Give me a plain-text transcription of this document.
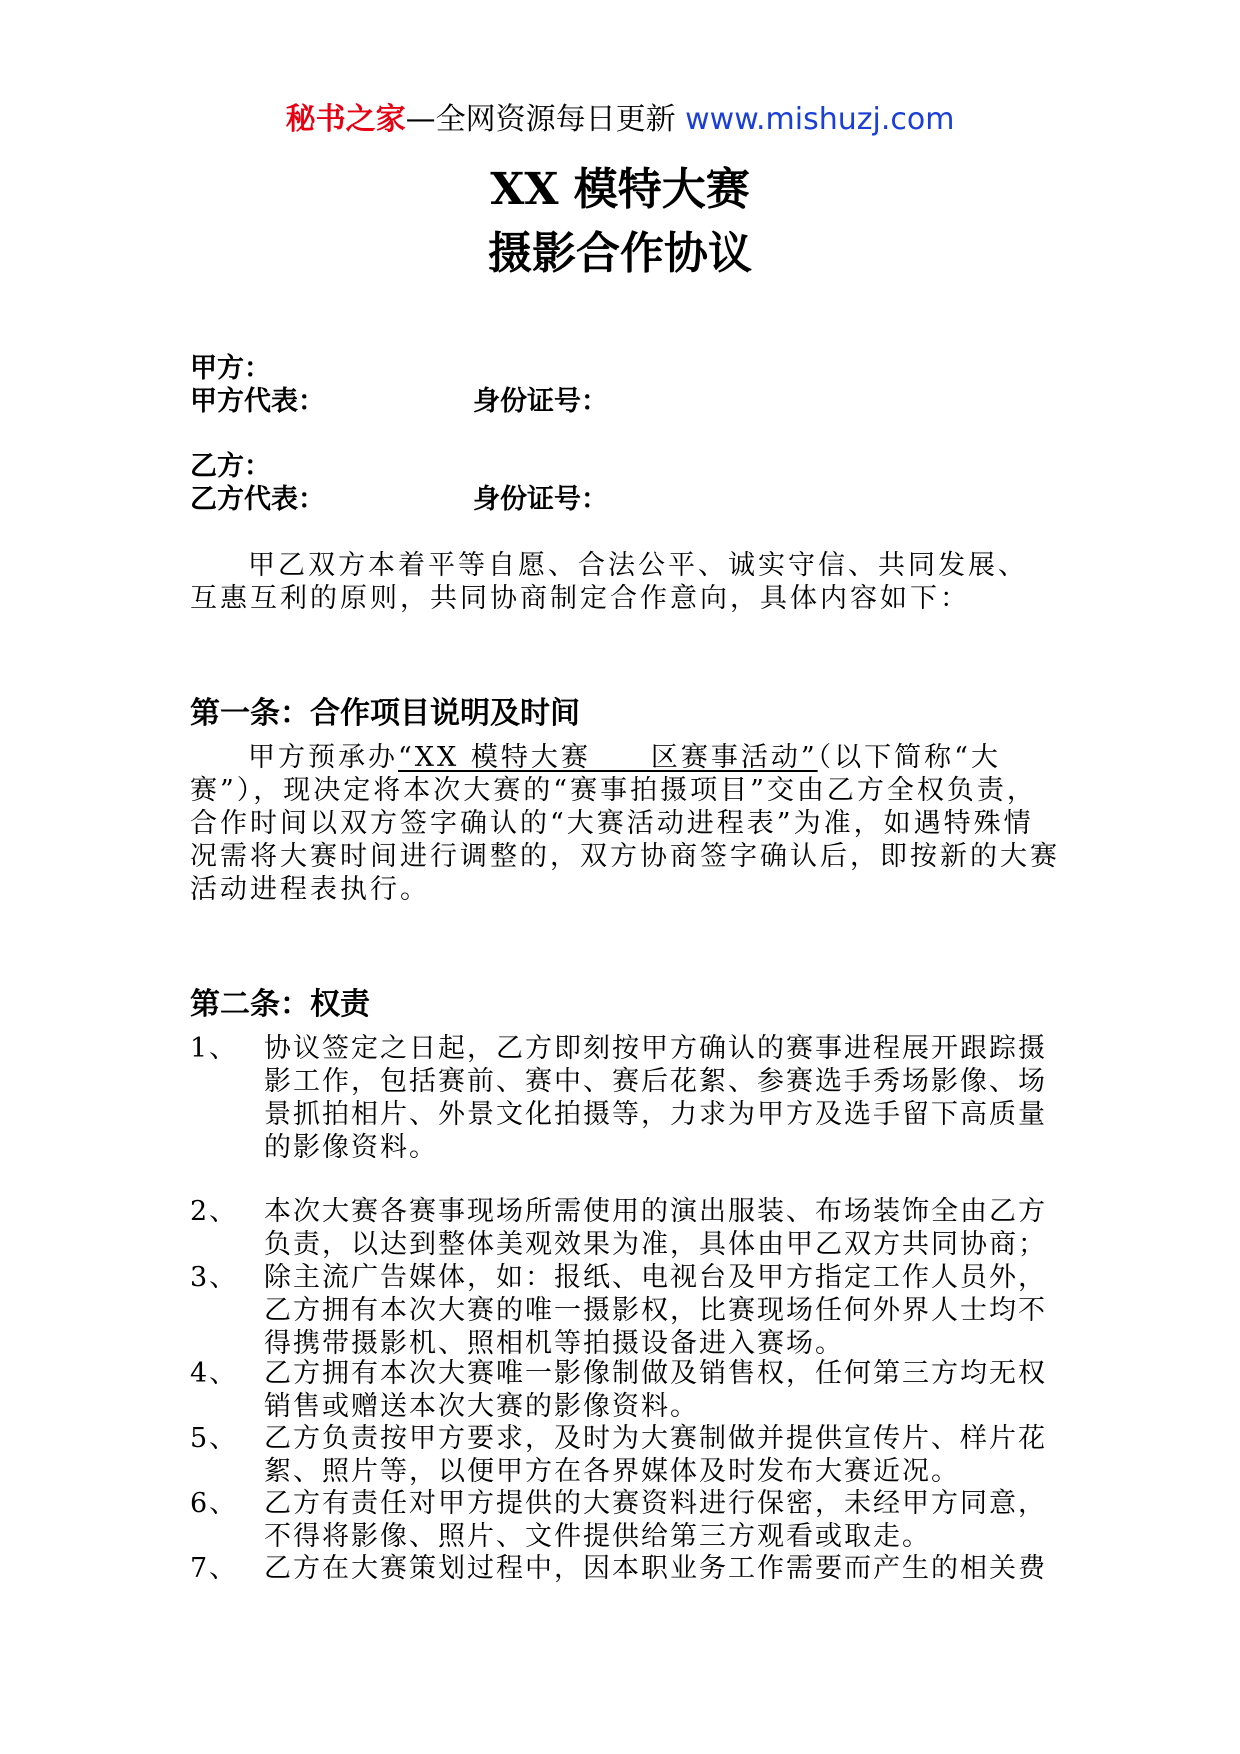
秘书之家—全网资源每日更新 www.mishuzj.com
XX 模特大赛
摄影合作协议
甲方：
甲方代表：	身份证号：
乙方：
乙方代表：	身份证号：
甲乙双方本着平等自愿、合法公平、诚实守信、共同发展、
互惠互利的原则，共同协商制定合作意向，具体内容如下：
第一条：合作项目说明及时间
甲方预承办“XX 模特大赛　　区赛事活动”（以下简称“大
赛”），现决定将本次大赛的“赛事拍摄项目”交由乙方全权负责，
合作时间以双方签字确认的“大赛活动进程表”为准，如遇特殊情
况需将大赛时间进行调整的，双方协商签字确认后，即按新的大赛
活动进程表执行。
第二条：权责
1、 协议签定之日起，乙方即刻按甲方确认的赛事进程展开跟踪摄
影工作，包括赛前、赛中、赛后花絮、参赛选手秀场影像、场
景抓拍相片、外景文化拍摄等，力求为甲方及选手留下高质量
的影像资料。
2、 本次大赛各赛事现场所需使用的演出服装、布场装饰全由乙方
负责，以达到整体美观效果为准，具体由甲乙双方共同协商；
3、 除主流广告媒体，如：报纸、电视台及甲方指定工作人员外，
乙方拥有本次大赛的唯一摄影权，比赛现场任何外界人士均不
得携带摄影机、照相机等拍摄设备进入赛场。
4、 乙方拥有本次大赛唯一影像制做及销售权，任何第三方均无权
销售或赠送本次大赛的影像资料。
5、 乙方负责按甲方要求，及时为大赛制做并提供宣传片、样片花
絮、照片等，以便甲方在各界媒体及时发布大赛近况。
6、 乙方有责任对甲方提供的大赛资料进行保密，未经甲方同意，
不得将影像、照片、文件提供给第三方观看或取走。
7、 乙方在大赛策划过程中，因本职业务工作需要而产生的相关费
